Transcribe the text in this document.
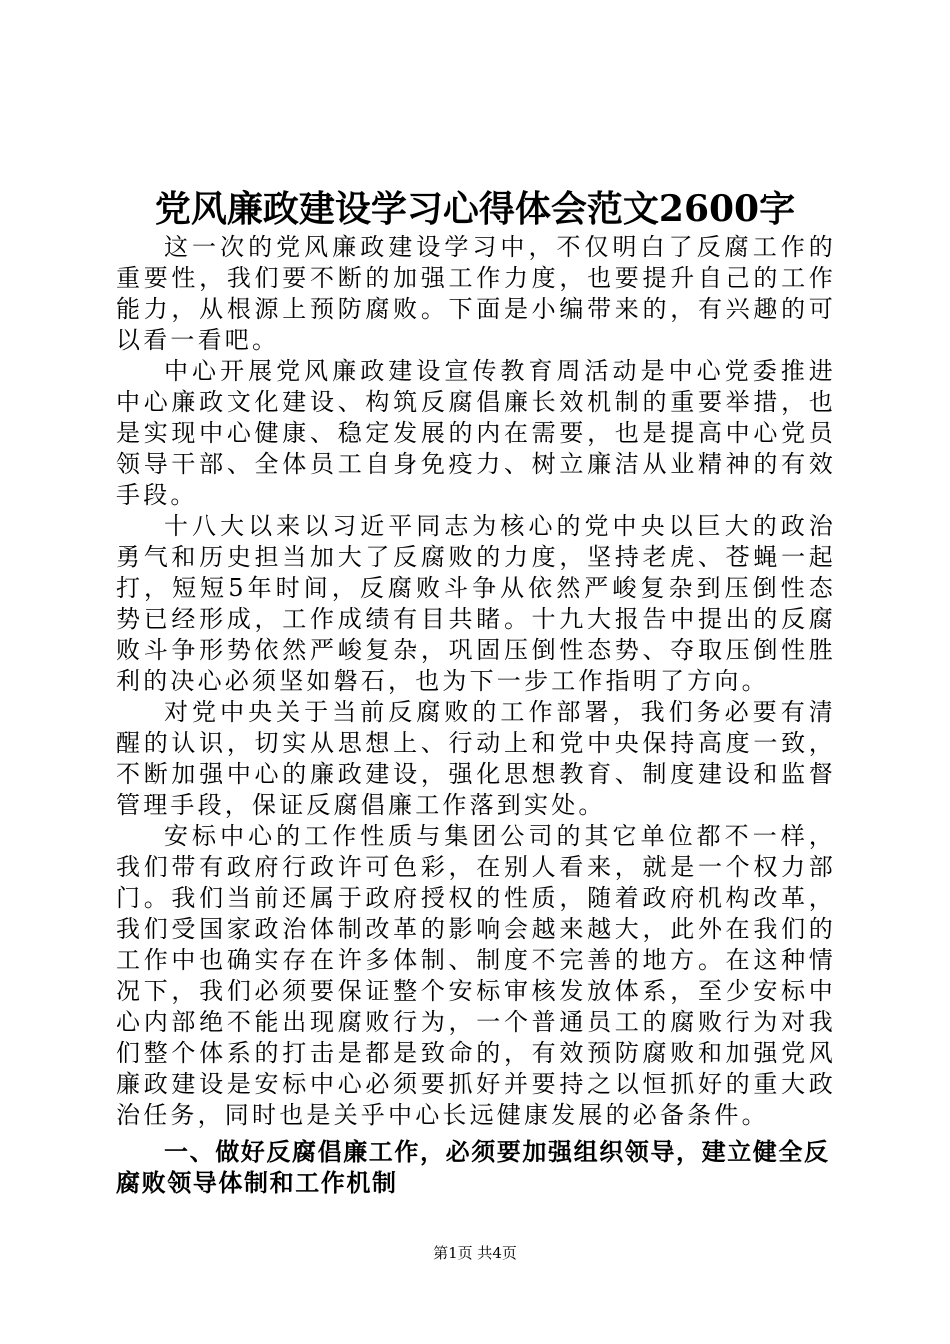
党风廉政建设学习心得体会范文2600字

这一次的党风廉政建设学习中，不仅明白了反腐工作的重要性，我们要不断的加强工作力度，也要提升自己的工作能力，从根源上预防腐败。下面是小编带来的，有兴趣的可以看一看吧。

中心开展党风廉政建设宣传教育周活动是中心党委推进中心廉政文化建设、构筑反腐倡廉长效机制的重要举措，也是实现中心健康、稳定发展的内在需要，也是提高中心党员领导干部、全体员工自身免疫力、树立廉洁从业精神的有效手段。

十八大以来以习近平同志为核心的党中央以巨大的政治勇气和历史担当加大了反腐败的力度，坚持老虎、苍蝇一起打，短短5年时间，反腐败斗争从依然严峻复杂到压倒性态势已经形成，工作成绩有目共睹。十九大报告中提出的反腐败斗争形势依然严峻复杂，巩固压倒性态势、夺取压倒性胜利的决心必须坚如磐石，也为下一步工作指明了方向。

对党中央关于当前反腐败的工作部署，我们务必要有清醒的认识，切实从思想上、行动上和党中央保持高度一致，不断加强中心的廉政建设，强化思想教育、制度建设和监督管理手段，保证反腐倡廉工作落到实处。

安标中心的工作性质与集团公司的其它单位都不一样，我们带有政府行政许可色彩，在别人看来，就是一个权力部门。我们当前还属于政府授权的性质，随着政府机构改革，我们受国家政治体制改革的影响会越来越大，此外在我们的工作中也确实存在许多体制、制度不完善的地方。在这种情况下，我们必须要保证整个安标审核发放体系，至少安标中心内部绝不能出现腐败行为，一个普通员工的腐败行为对我们整个体系的打击是都是致命的，有效预防腐败和加强党风廉政建设是安标中心必须要抓好并要持之以恒抓好的重大政治任务，同时也是关乎中心长远健康发展的必备条件。

一、做好反腐倡廉工作，必须要加强组织领导，建立健全反腐败领导体制和工作机制

第1页 共4页
